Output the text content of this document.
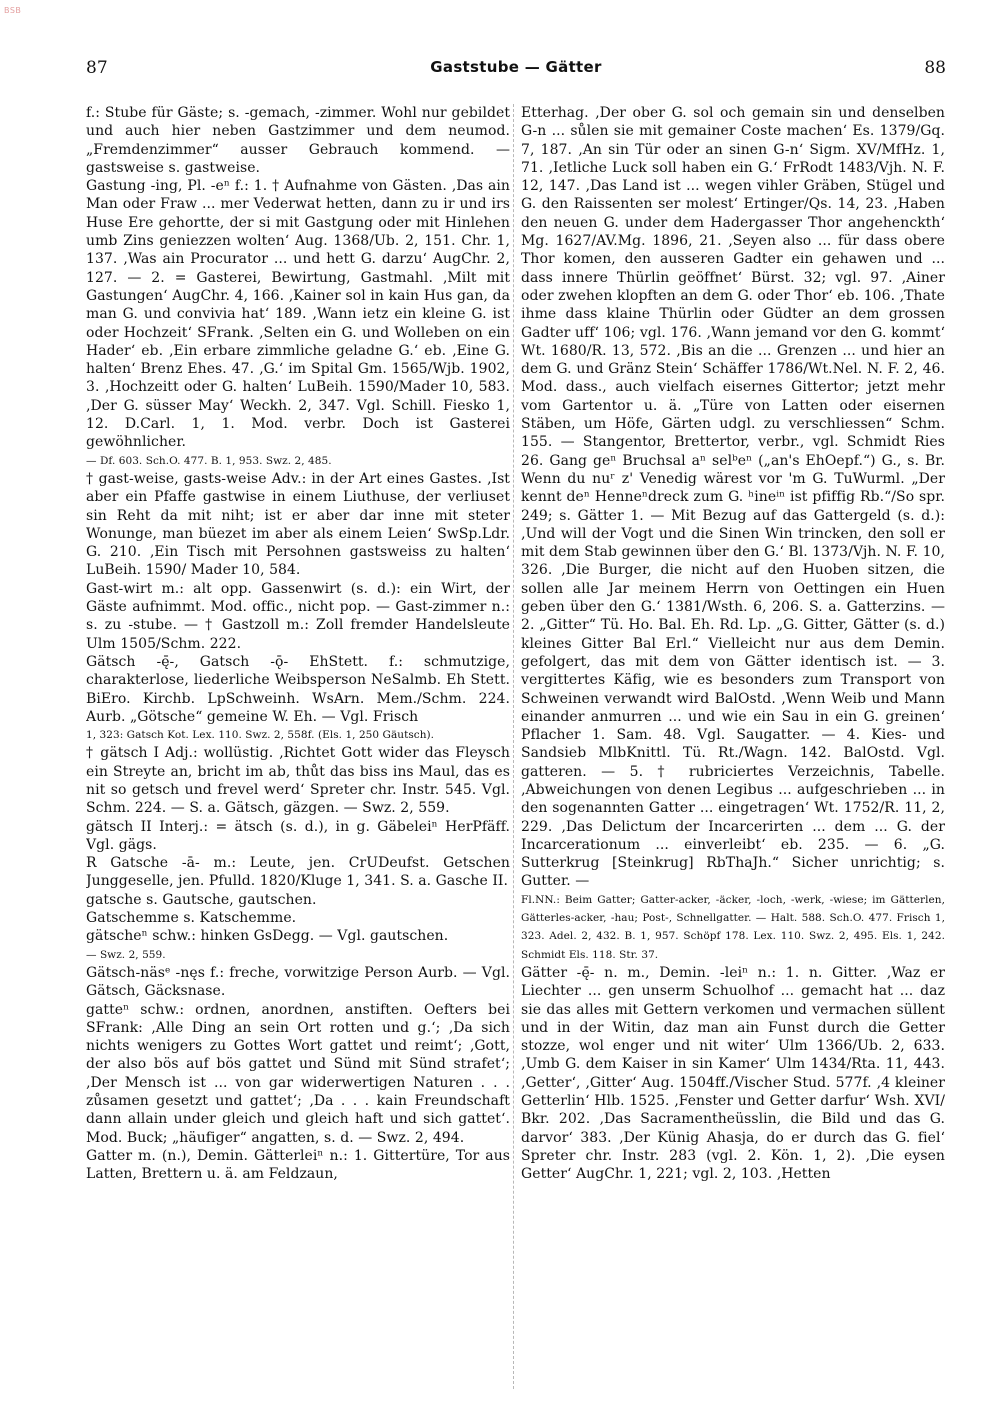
BSB
87	Gaststube — Gätter	88
f.: Stube für Gäste; s. -gemach, -zimmer. Wohl nur gebildet und auch hier neben Gastzimmer und dem neumod. „Fremdenzimmer“ ausser Gebrauch kommend. — gastsweise s. gastweise.
Gastung -ing, Pl. -eⁿ f.: 1. † Aufnahme von Gästen. ‚Das ain Man oder Fraw ... mer Vederwat hetten, dann zu ir und irs Huse Ere gehortte, der si mit Gastgung oder mit Hinlehen umb Zins geniezzen wolten‘ Aug. 1368/Ub. 2, 151. Chr. 1, 137. ‚Was ain Procurator ... und hett G. darzu‘ AugChr. 2, 127. — 2. = Gasterei, Bewirtung, Gastmahl. ‚Milt mit Gastungen‘ AugChr. 4, 166. ‚Kainer sol in kain Hus gan, da man G. und convivia hat‘ 189. ‚Wann ietz ein kleine G. ist oder Hochzeit‘ SFrank. ‚Selten ein G. und Wolleben on ein Hader‘ eb. ‚Ein erbare zimmliche geladne G.‘ eb. ‚Eine G. halten‘ Brenz Ehes. 47. ‚G.‘ im Spital Gm. 1565/Wjb. 1902, 3. ‚Hochzeitt oder G. halten‘ LuBeih. 1590/Mader 10, 583. ‚Der G. süsser May‘ Weckh. 2, 347. Vgl. Schill. Fiesko 1, 12. D.Carl. 1, 1. Mod. verbr. Doch ist Gasterei gewöhnlicher.
— Df. 603. Sch.O. 477. B. 1, 953. Swz. 2, 485.
† gast-weise, gasts-weise Adv.: in der Art eines Gastes. ‚Ist aber ein Pfaffe gastwise in einem Liuthuse, der verliuset sin Reht da mit niht; ist er aber dar inne mit steter Wonunge, man büezet im aber als einem Leien‘ SwSp.Ldr. G. 210. ‚Ein Tisch mit Persohnen gastsweiss zu halten‘ LuBeih. 1590/ Mader 10, 584.
Gast-wirt m.: alt opp. Gassenwirt (s. d.): ein Wirt, der Gäste aufnimmt. Mod. offic., nicht pop. — Gast-zimmer n.: s. zu -stube. — † Gastzoll m.: Zoll fremder Handelsleute Ulm 1505/Schm. 222.
Gätsch -ę̄-, Gatsch -ǭ- EhStett. f.: schmutzige, charakterlose, liederliche Weibsperson NeSalmb. Eh Stett. BiEro. Kirchb. LpSchweinh. WsArn. Mem./Schm. 224. Aurb. „Götsche“ gemeine W. Eh. — Vgl. Frisch
1, 323: Gatsch Kot. Lex. 110. Swz. 2, 558f. (Els. 1, 250 Gäutsch).
† gätsch I Adj.: wollüstig. ‚Richtet Gott wider das Fleysch ein Streyte an, bricht im ab, thůt das biss ins Maul, das es nit so getsch und frevel werd‘ Spreter chr. Instr. 545. Vgl. Schm. 224. — S. a. Gätsch, gäzgen. — Swz. 2, 559.
gätsch II Interj.: = ätsch (s. d.), in g. Gäbeleiⁿ HerPfäff. Vgl. gägs.
R Gatsche -ā- m.: Leute, jen. CrUDeufst. Getschen Junggeselle, jen. Pfulld. 1820/Kluge 1, 341. S. a. Gasche II.
gatsche s. Gautsche, gautschen.
Gatschemme s. Katschemme.
gätscheⁿ schw.: hinken GsDegg. — Vgl. gautschen.
— Swz. 2, 559.
Gätsch-näsᵉ -nęs f.: freche, vorwitzige Person Aurb. — Vgl. Gätsch, Gäcksnase.
gatteⁿ schw.: ordnen, anordnen, anstiften. Oefters bei SFrank: ‚Alle Ding an sein Ort rotten und g.‘; ‚Da sich nichts wenigers zu Gottes Wort gattet und reimt‘; ‚Gott, der also bös auf bös gattet und Sünd mit Sünd strafet‘; ‚Der Mensch ist ... von gar widerwertigen Naturen . . . zůsamen gesetzt und gattet‘; ‚Da . . . kain Freundschaft dann allain under gleich und gleich haft und sich gattet‘. Mod. Buck; „häufiger“ angatten, s. d. — Swz. 2, 494.
Gatter m. (n.), Demin. Gätterleiⁿ n.: 1. Gittertüre, Tor aus Latten, Brettern u. ä. am Feldzaun,
Etterhag. ‚Der ober G. sol och gemain sin und denselben G-n ... sůlen sie mit gemainer Coste machen‘ Es. 1379/Gq. 7, 187. ‚An sin Tür oder an sinen G-n‘ Sigm. XV/MfHz. 1, 71. ‚Ietliche Luck soll haben ein G.‘ FrRodt 1483/Vjh. N. F. 12, 147. ‚Das Land ist ... wegen vihler Gräben, Stügel und G. den Raissenten ser molest‘ Ertinger/Qs. 14, 23. ‚Haben den neuen G. under dem Hadergasser Thor angehenckth‘ Mg. 1627/AV.Mg. 1896, 21. ‚Seyen also ... für dass obere Thor komen, den ausseren Gadter ein gehawen und ... dass innere Thürlin geöffnet‘ Bürst. 32; vgl. 97. ‚Ainer oder zwehen klopften an dem G. oder Thor‘ eb. 106. ‚Thate ihme dass klaine Thürlin oder Güdter an dem grossen Gadter uff‘ 106; vgl. 176. ‚Wann jemand vor den G. kommt‘ Wt. 1680/R. 13, 572. ‚Bis an die ... Grenzen ... und hier an dem G. und Gränz Stein‘ Schäffer 1786/Wt.Nel. N. F. 2, 46. Mod. dass., auch vielfach eisernes Gittertor; jetzt mehr vom Gartentor u. ä. „Türe von Latten oder eisernen Stäben, um Höfe, Gärten udgl. zu verschliessen“ Schm. 155. — Stangentor, Brettertor, verbr., vgl. Schmidt Ries 26. Gang geⁿ Bruchsal aⁿ selᵇeⁿ („an's EhOepf.“) G., s. Br. Wenn du nuʳ z' Venedig wärest vor 'm G. TuWurml. „Der kennt deⁿ Henneⁿdreck zum G. ʰineⁱⁿ ist pfiffig Rb.“/So spr. 249; s. Gätter 1. — Mit Bezug auf das Gattergeld (s. d.): ‚Und will der Vogt und die Sinen Win trincken, den soll er mit dem Stab gewinnen über den G.‘ Bl. 1373/Vjh. N. F. 10, 326. ‚Die Burger, die nicht auf den Huoben sitzen, die sollen alle Jar meinem Herrn von Oettingen ein Huen geben über den G.‘ 1381/Wsth. 6, 206. S. a. Gatterzins. — 2. „Gitter“ Tü. Ho. Bal. Eh. Rd. Lp. „G. Gitter, Gätter (s. d.) kleines Gitter Bal Erl.“ Vielleicht nur aus dem Demin. gefolgert, das mit dem von Gätter identisch ist. — 3. vergittertes Käfig, wie es besonders zum Transport von Schweinen verwandt wird BalOstd. ‚Wenn Weib und Mann einander anmurren ... und wie ein Sau in ein G. greinen‘ Pflacher 1. Sam. 48. Vgl. Saugatter. — 4. Kies- und Sandsieb MlbKnittl. Tü. Rt./Wagn. 142. BalOstd. Vgl. gatteren. — 5. † rubriciertes Verzeichnis, Tabelle. ‚Abweichungen von denen Legibus ... aufgeschrieben ... in den sogenannten Gatter ... eingetragen‘ Wt. 1752/R. 11, 2, 229. ‚Das Delictum der Incarcerirten ... dem ... G. der Incarcerationum ... einverleibt‘ eb. 235. — 6. „G. Sutterkrug [Steinkrug] RbThaJh.“ Sicher unrichtig; s. Gutter. —
Fl.NN.: Beim Gatter; Gatter-acker, -äcker, -loch, -werk, -wiese; im Gätterlen, Gätterles-acker, -hau; Post-, Schnellgatter. — Halt. 588. Sch.O. 477. Frisch 1, 323. Adel. 2, 432. B. 1, 957. Schöpf 178. Lex. 110. Swz. 2, 495. Els. 1, 242. Schmidt Els. 118. Str. 37.
Gätter -ę̄- n. m., Demin. -leiⁿ n.: 1. n. Gitter. ‚Waz er Liechter ... gen unserm Schuolhof ... gemacht hat ... daz sie das alles mit Gettern verkomen und vermachen süllent und in der Witin, daz man ain Funst durch die Getter stozze, wol enger und nit witer‘ Ulm 1366/Ub. 2, 633. ‚Umb G. dem Kaiser in sin Kamer‘ Ulm 1434/Rta. 11, 443. ‚Getter‘, ‚Gitter‘ Aug. 1504ff./Vischer Stud. 577f. ‚4 kleiner Getterlin‘ Hlb. 1525. ‚Fenster und Getter darfur‘ Wsh. XVI/ Bkr. 202. ‚Das Sacramentheüsslin, die Bild und das G. darvor‘ 383. ‚Der Künig Ahasja, do er durch das G. fiel‘ Spreter chr. Instr. 283 (vgl. 2. Kön. 1, 2). ‚Die eysen Getter‘ AugChr. 1, 221; vgl. 2, 103. ‚Hetten
